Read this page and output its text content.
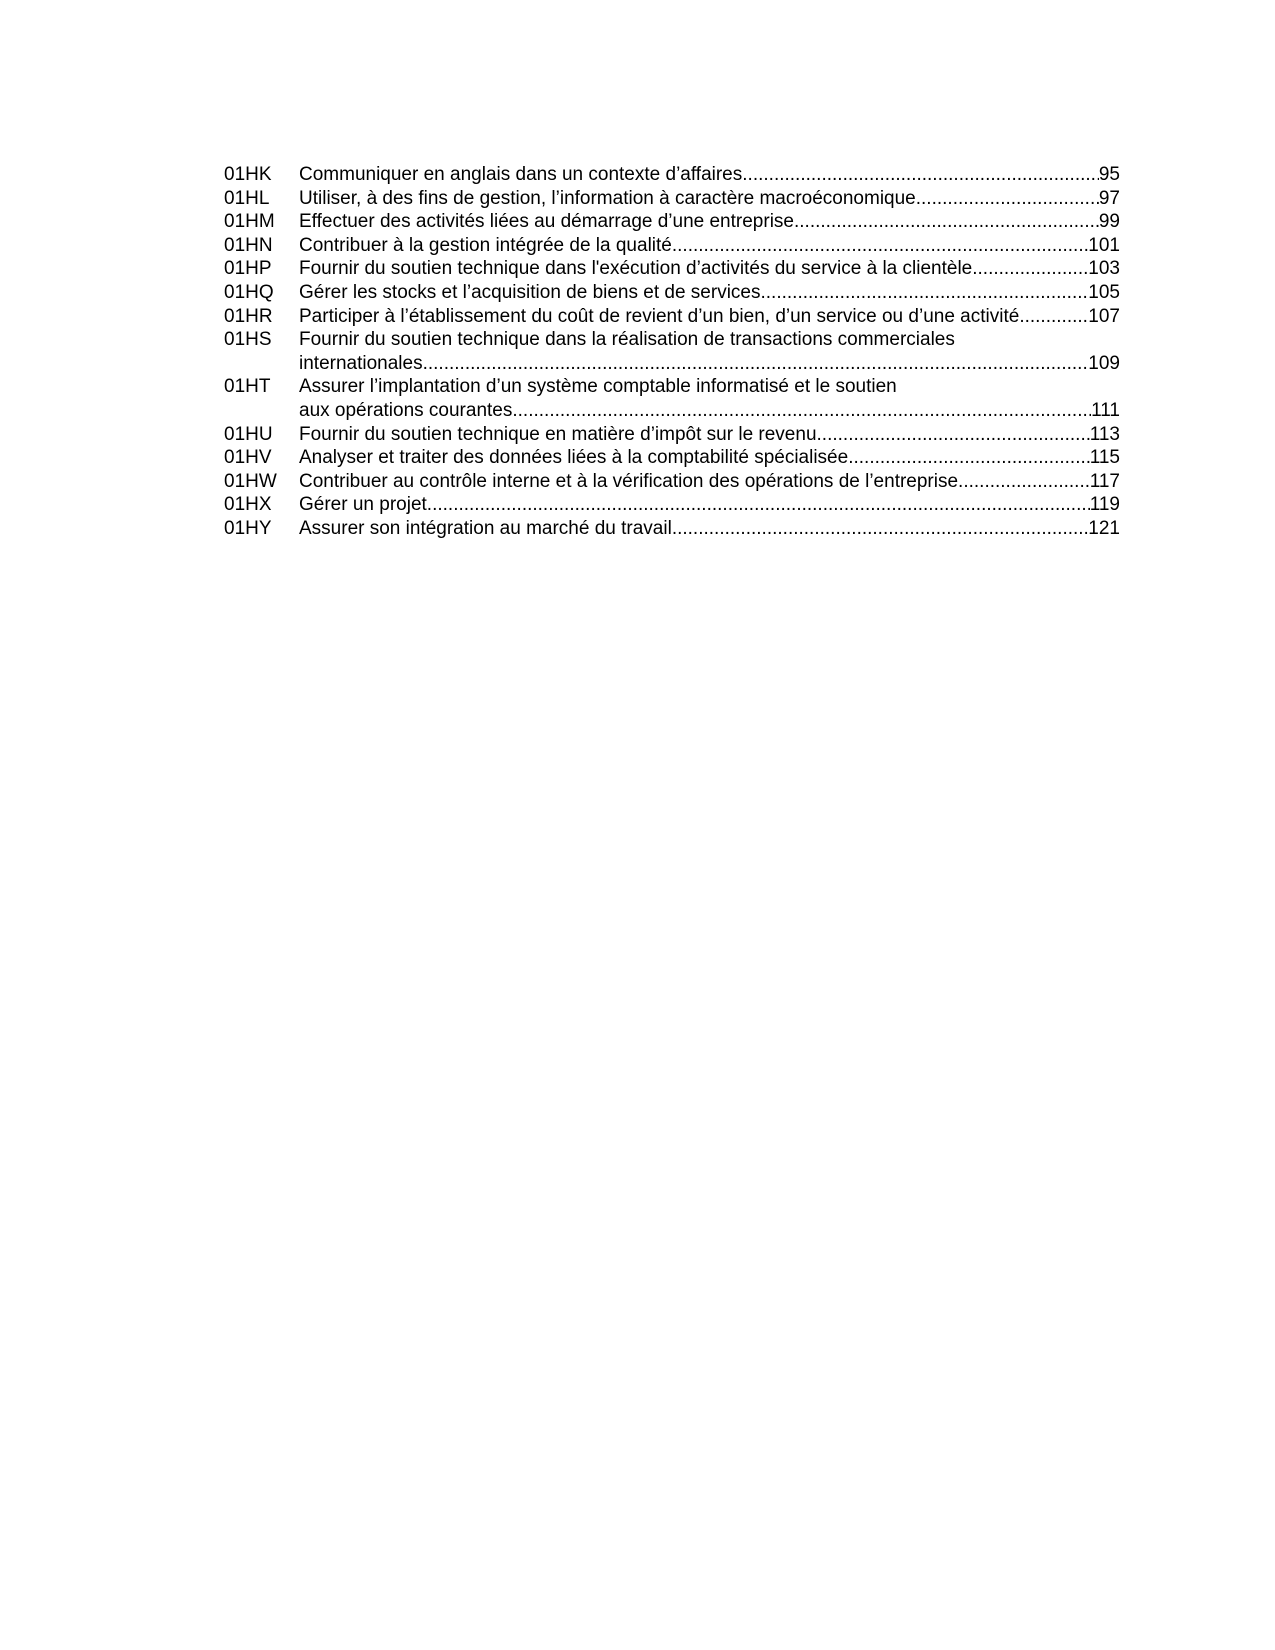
01HK	Communiquer en anglais dans un contexte d’affaires .....	95
01HL	Utiliser, à des fins de gestion, l’information à caractère macroéconomique .....	97
01HM	Effectuer des activités liées au démarrage d’une entreprise .....	99
01HN	Contribuer à la gestion intégrée de la qualité .....	101
01HP	Fournir du soutien technique dans l'exécution d’activités du service à la clientèle .....	103
01HQ	Gérer les stocks et l’acquisition de biens et de services .....	105
01HR	Participer à l’établissement du coût de revient d’un bien, d’un service ou d’une activité .....	107
01HS	Fournir du soutien technique dans la réalisation de transactions commerciales
internationales .....	109
01HT	Assurer l’implantation d’un système comptable informatisé et le soutien
aux opérations courantes .....	111
01HU	Fournir du soutien technique en matière d’impôt sur le revenu .....	113
01HV	Analyser et traiter des données liées à la comptabilité spécialisée .....	115
01HW	Contribuer au contrôle interne et à la vérification des opérations de l’entreprise .....	117
01HX	Gérer un projet .....	119
01HY	Assurer son intégration au marché du travail .....	121
